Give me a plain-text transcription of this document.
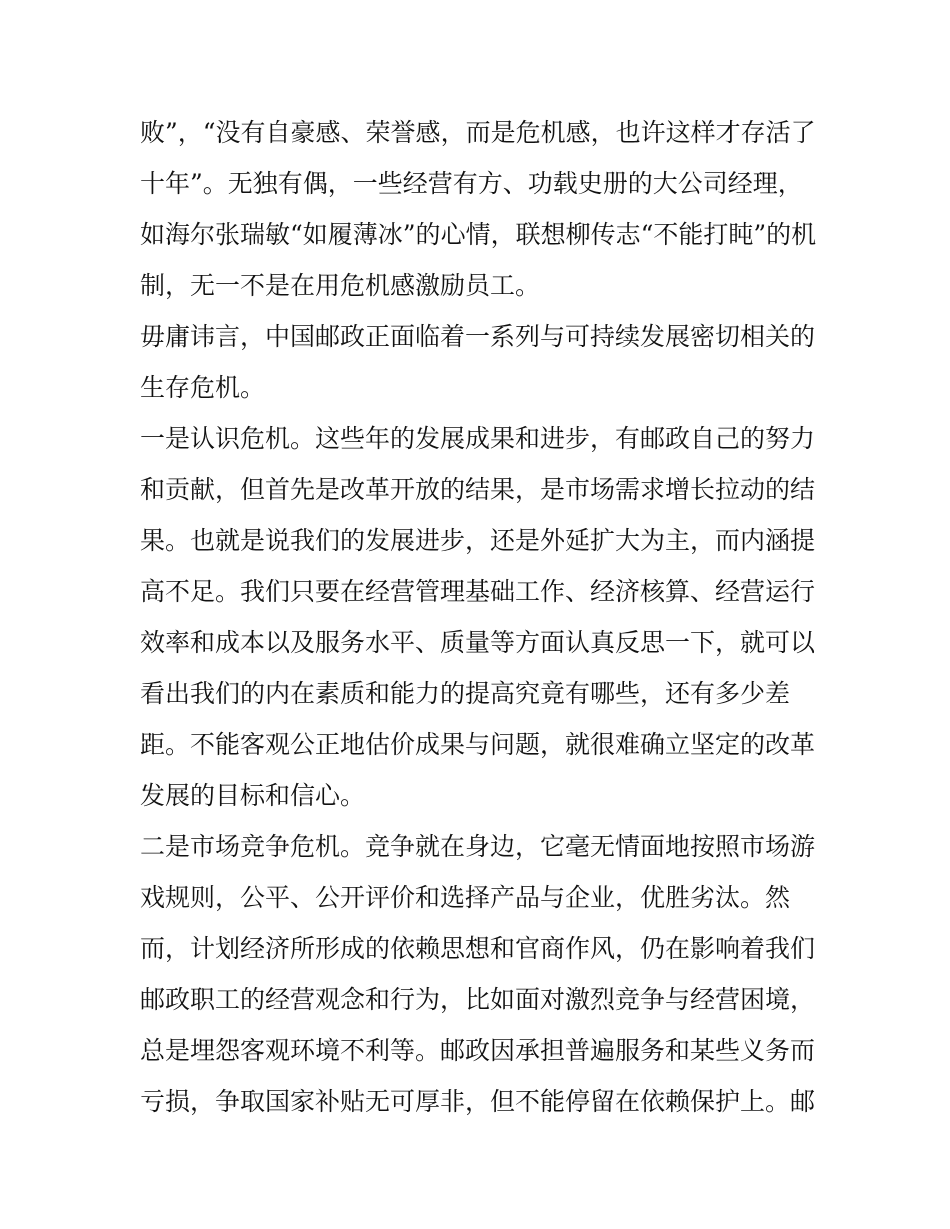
败”，“没有自豪感、荣誉感，而是危机感，也许这样才存活了
十年”。无独有偶，一些经营有方、功载史册的大公司经理，
如海尔张瑞敏“如履薄冰”的心情，联想柳传志“不能打盹”的机
制，无一不是在用危机感激励员工。
毋庸讳言，中国邮政正面临着一系列与可持续发展密切相关的
生存危机。
一是认识危机。这些年的发展成果和进步，有邮政自己的努力
和贡献，但首先是改革开放的结果，是市场需求增长拉动的结
果。也就是说我们的发展进步，还是外延扩大为主，而内涵提
高不足。我们只要在经营管理基础工作、经济核算、经营运行
效率和成本以及服务水平、质量等方面认真反思一下，就可以
看出我们的内在素质和能力的提高究竟有哪些，还有多少差
距。不能客观公正地估价成果与问题，就很难确立坚定的改革
发展的目标和信心。
二是市场竞争危机。竞争就在身边，它毫无情面地按照市场游
戏规则，公平、公开评价和选择产品与企业，优胜劣汰。然
而，计划经济所形成的依赖思想和官商作风，仍在影响着我们
邮政职工的经营观念和行为，比如面对激烈竞争与经营困境，
总是埋怨客观环境不利等。邮政因承担普遍服务和某些义务而
亏损，争取国家补贴无可厚非，但不能停留在依赖保护上。邮
